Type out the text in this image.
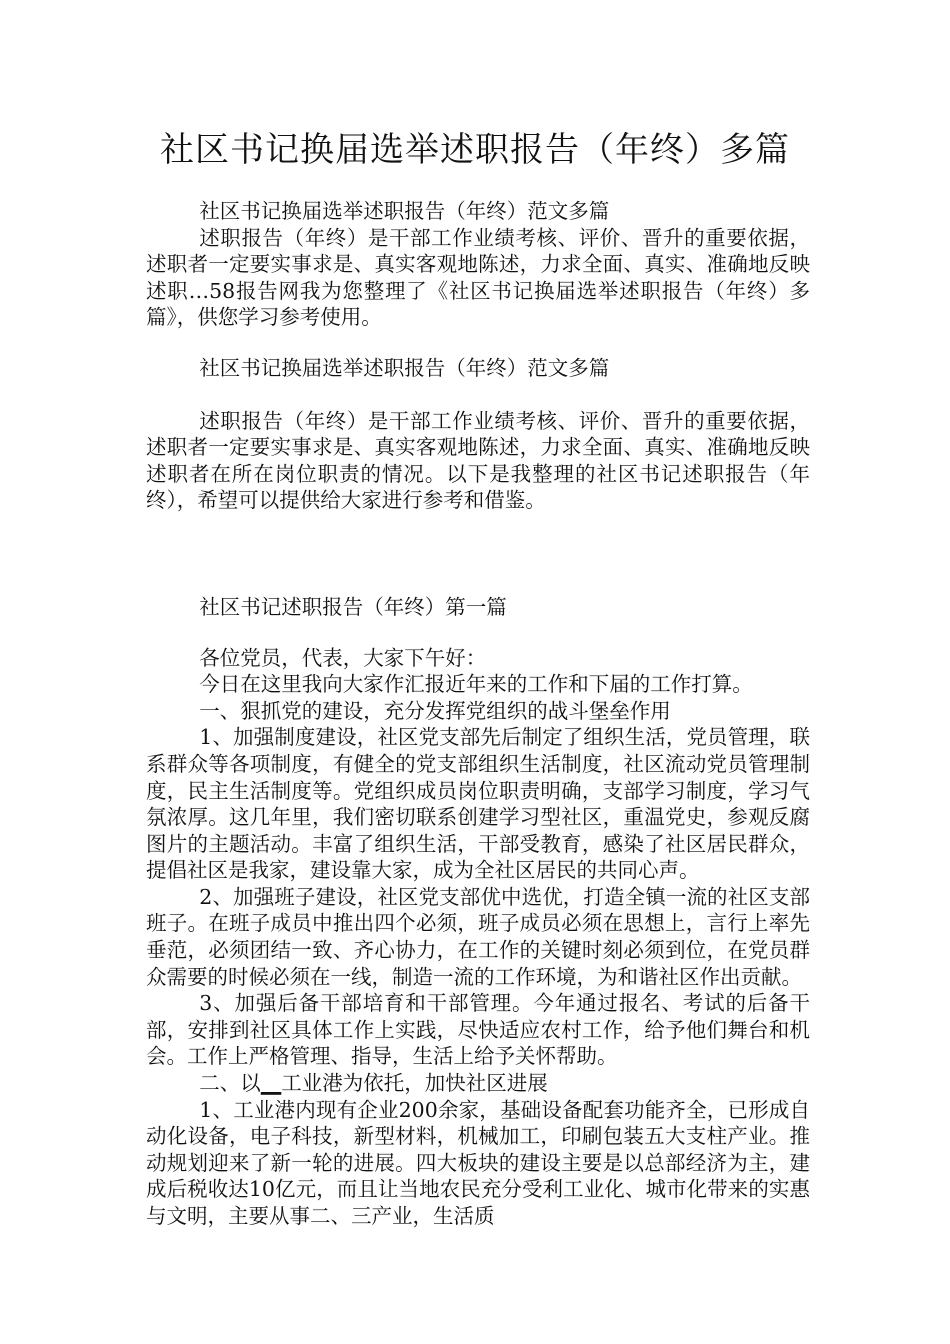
社区书记换届选举述职报告（年终）多篇

社区书记换届选举述职报告（年终）范文多篇

述职报告（年终）是干部工作业绩考核、评价、晋升的重要依据，述职者一定要实事求是、真实客观地陈述，力求全面、真实、准确地反映述职…58报告网我为您整理了《社区书记换届选举述职报告（年终）多篇》，供您学习参考使用。

社区书记换届选举述职报告（年终）范文多篇

述职报告（年终）是干部工作业绩考核、评价、晋升的重要依据，述职者一定要实事求是、真实客观地陈述，力求全面、真实、准确地反映述职者在所在岗位职责的情况。以下是我整理的社区书记述职报告（年终），希望可以提供给大家进行参考和借鉴。

社区书记述职报告（年终）第一篇

各位党员，代表，大家下午好：

今日在这里我向大家作汇报近年来的工作和下届的工作打算。

一、狠抓党的建设，充分发挥党组织的战斗堡垒作用

1、加强制度建设，社区党支部先后制定了组织生活，党员管理，联系群众等各项制度，有健全的党支部组织生活制度，社区流动党员管理制度，民主生活制度等。党组织成员岗位职责明确，支部学习制度，学习气氛浓厚。这几年里，我们密切联系创建学习型社区，重温党史，参观反腐图片的主题活动。丰富了组织生活，干部受教育，感染了社区居民群众，提倡社区是我家，建设靠大家，成为全社区居民的共同心声。

2、加强班子建设，社区党支部优中选优，打造全镇一流的社区支部班子。在班子成员中推出四个必须，班子成员必须在思想上，言行上率先垂范，必须团结一致、齐心协力，在工作的关键时刻必须到位，在党员群众需要的时候必须在一线，制造一流的工作环境，为和谐社区作出贡献。

3、加强后备干部培育和干部管理。今年通过报名、考试的后备干部，安排到社区具体工作上实践，尽快适应农村工作，给予他们舞台和机会。工作上严格管理、指导，生活上给予关怀帮助。

二、以__工业港为依托，加快社区进展

1、工业港内现有企业200余家，基础设备配套功能齐全，已形成自动化设备，电子科技，新型材料，机械加工，印刷包装五大支柱产业。推动规划迎来了新一轮的进展。四大板块的建设主要是以总部经济为主，建成后税收达10亿元，而且让当地农民充分受利工业化、城市化带来的实惠与文明，主要从事二、三产业，生活质
